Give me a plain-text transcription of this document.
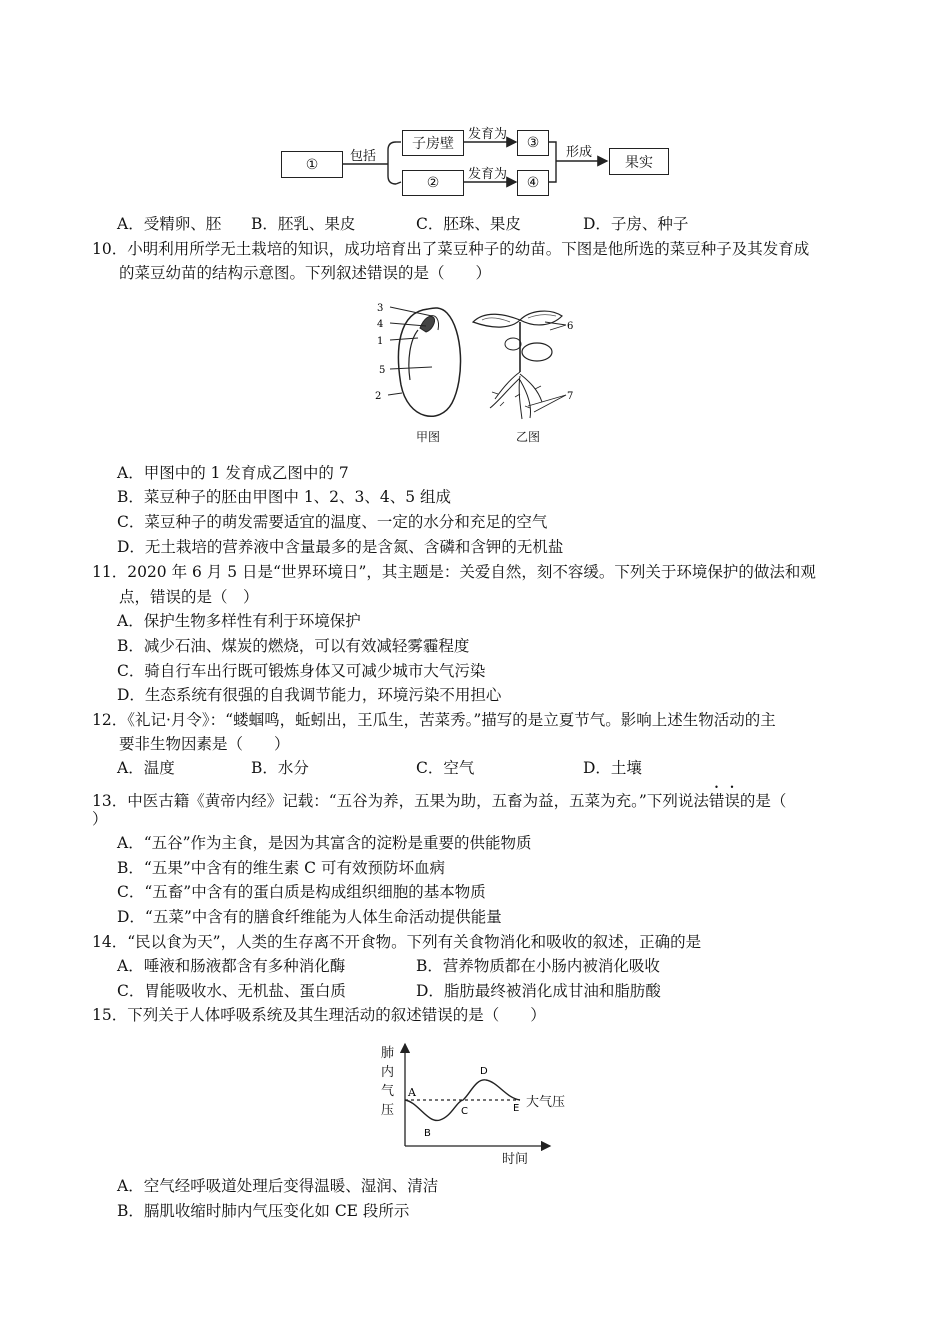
①
子房壁
②
③
④
果实
包括
发育为
发育为
形成
A．受精卵、胚 B．胚乳、果皮	C．胚珠、果皮	D．子房、种子
10．小明利用所学无土栽培的知识，成功培育出了菜豆种子的幼苗。下图是他所选的菜豆种子及其发育成
的菜豆幼苗的结构示意图。下列叙述错误的是（　　）
3
4
1
5
2
6
7
甲图	乙图
A．甲图中的 1 发育成乙图中的 7
B．菜豆种子的胚由甲图中 1、2、3、4、5 组成
C．菜豆种子的萌发需要适宜的温度、一定的水分和充足的空气
D．无土栽培的营养液中含量最多的是含氮、含磷和含钾的无机盐
11．2020 年 6 月 5 日是“世界环境日”，其主题是：关爱自然，刻不容缓。下列关于环境保护的做法和观
点，错误的是（　）
A．保护生物多样性有利于环境保护
B．减少石油、煤炭的燃烧，可以有效减轻雾霾程度
C．骑自行车出行既可锻炼身体又可减少城市大气污染
D．生态系统有很强的自我调节能力，环境污染不用担心
12．《礼记·月令》：“蝼蝈鸣，蚯蚓出，王瓜生，苦菜秀。”描写的是立夏节气。影响上述生物活动的主
要非生物因素是（　　）
A．温度	B．水分	C．空气	D．土壤
13．中医古籍《黄帝内经》记载：“五谷为养，五果为助，五畜为益，五菜为充。”下列说法错误的是（
）
A．“五谷”作为主食，是因为其富含的淀粉是重要的供能物质
B．“五果”中含有的维生素 C 可有效预防坏血病
C．“五畜”中含有的蛋白质是构成组织细胞的基本物质
D．“五菜”中含有的膳食纤维能为人体生命活动提供能量
14．“民以食为天”，人类的生存离不开食物。下列有关食物消化和吸收的叙述，正确的是
A．唾液和肠液都含有多种消化酶	B．营养物质都在小肠内被消化吸收
C．胃能吸收水、无机盐、蛋白质	D．脂肪最终被消化成甘油和脂肪酸
15．下列关于人体呼吸系统及其生理活动的叙述错误的是（　　）
A
B
C
D
E
肺
内
气
压
大气压
时间
A．空气经呼吸道处理后变得温暖、湿润、清洁
B．膈肌收缩时肺内气压变化如 CE 段所示
